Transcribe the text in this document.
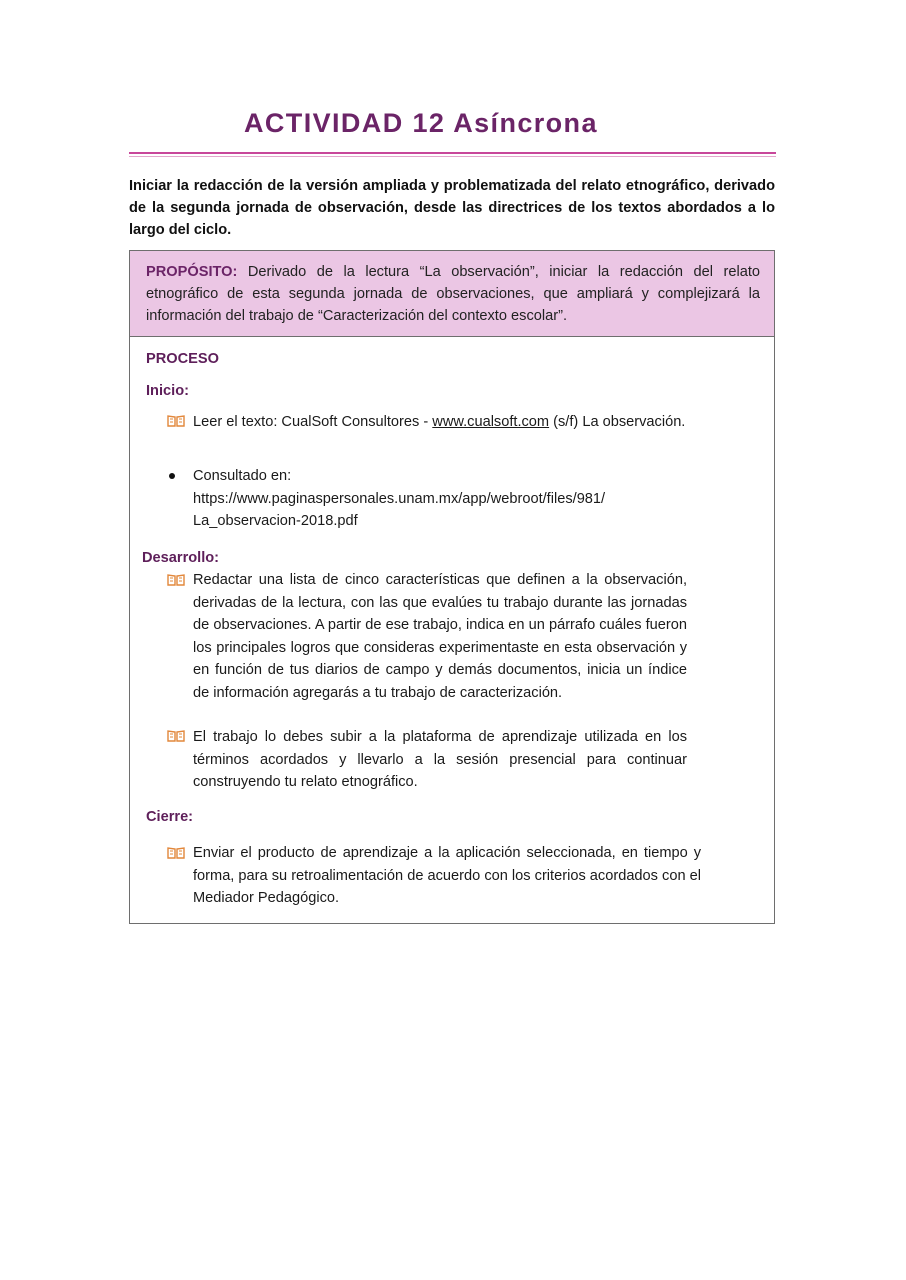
ACTIVIDAD 12 Asíncrona

Iniciar la redacción de la versión ampliada y problematizada del relato etnográfico, derivado de la segunda jornada de observación, desde las directrices de los textos abordados a lo largo del ciclo.

PROPÓSITO: Derivado de la lectura “La observación”, iniciar la redacción del relato etnográfico de esta segunda jornada de observaciones, que ampliará y complejizará la información del trabajo de “Caracterización del contexto escolar”.

PROCESO
Inicio:

Leer el texto: CualSoft Consultores - www.cualsoft.com (s/f) La observación.

Consultado en:
https://www.paginaspersonales.unam.mx/app/webroot/files/981/
La_observacion-2018.pdf

Desarrollo:

Redactar una lista de cinco características que definen a la observación, derivadas de la lectura, con las que evalúes tu trabajo durante las jornadas de observaciones. A partir de ese trabajo, indica en un párrafo cuáles fueron los principales logros que consideras experimentaste en esta observación y en función de tus diarios de campo y demás documentos, inicia un índice de información agregarás a tu trabajo de caracterización.

El trabajo lo debes subir a la plataforma de aprendizaje utilizada en los términos acordados y llevarlo a la sesión presencial para continuar construyendo tu relato etnográfico.

Cierre:

Enviar el producto de aprendizaje a la aplicación seleccionada, en tiempo y forma, para su retroalimentación de acuerdo con los criterios acordados con el Mediador Pedagógico.
